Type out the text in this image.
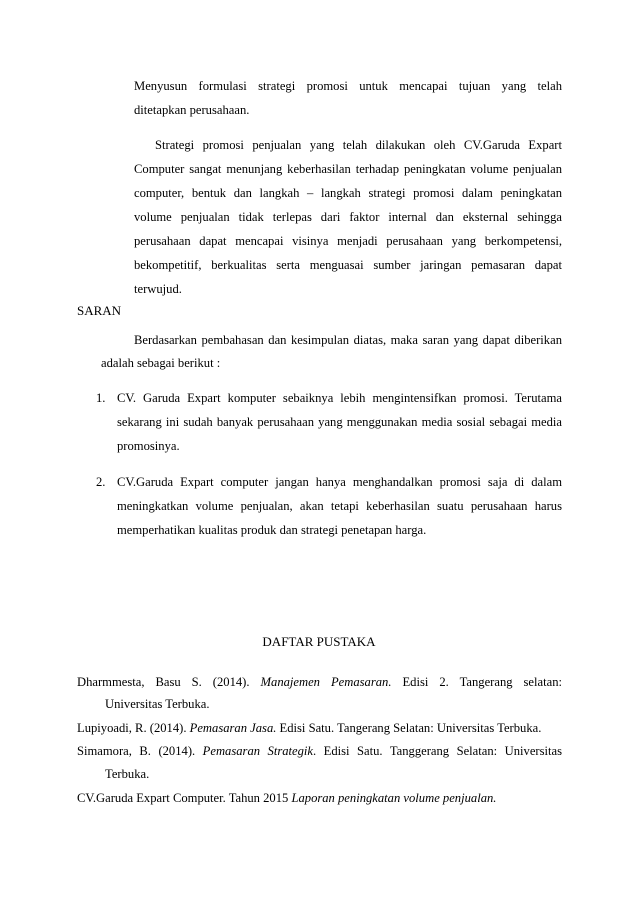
Menyusun formulasi strategi promosi untuk mencapai tujuan yang telah
ditetapkan perusahaan.
Strategi promosi penjualan yang telah dilakukan oleh CV.Garuda Expart
Computer sangat menunjang keberhasilan terhadap peningkatan volume penjualan
computer, bentuk dan langkah – langkah strategi promosi dalam peningkatan
volume penjualan tidak terlepas dari faktor internal dan eksternal sehingga
perusahaan dapat mencapai visinya menjadi perusahaan yang berkompetensi,
bekompetitif, berkualitas serta menguasai sumber jaringan pemasaran dapat
terwujud.
SARAN
Berdasarkan pembahasan dan kesimpulan diatas, maka saran yang dapat diberikan
adalah sebagai berikut :
1. CV. Garuda Expart komputer sebaiknya lebih mengintensifkan promosi. Terutama
sekarang ini sudah banyak perusahaan yang menggunakan media sosial sebagai media
promosinya.
2. CV.Garuda Expart computer jangan hanya menghandalkan promosi saja di dalam
meningkatkan volume penjualan, akan tetapi keberhasilan suatu perusahaan harus
memperhatikan kualitas produk dan strategi penetapan harga.
DAFTAR PUSTAKA
Dharmmesta, Basu S. (2014). Manajemen Pemasaran. Edisi 2. Tangerang selatan:
Universitas Terbuka.
Lupiyoadi, R. (2014). Pemasaran Jasa. Edisi Satu. Tangerang Selatan: Universitas Terbuka.
Simamora, B. (2014). Pemasaran Strategik. Edisi Satu. Tanggerang Selatan: Universitas
Terbuka.
CV.Garuda Expart Computer. Tahun 2015 Laporan peningkatan volume penjualan.
